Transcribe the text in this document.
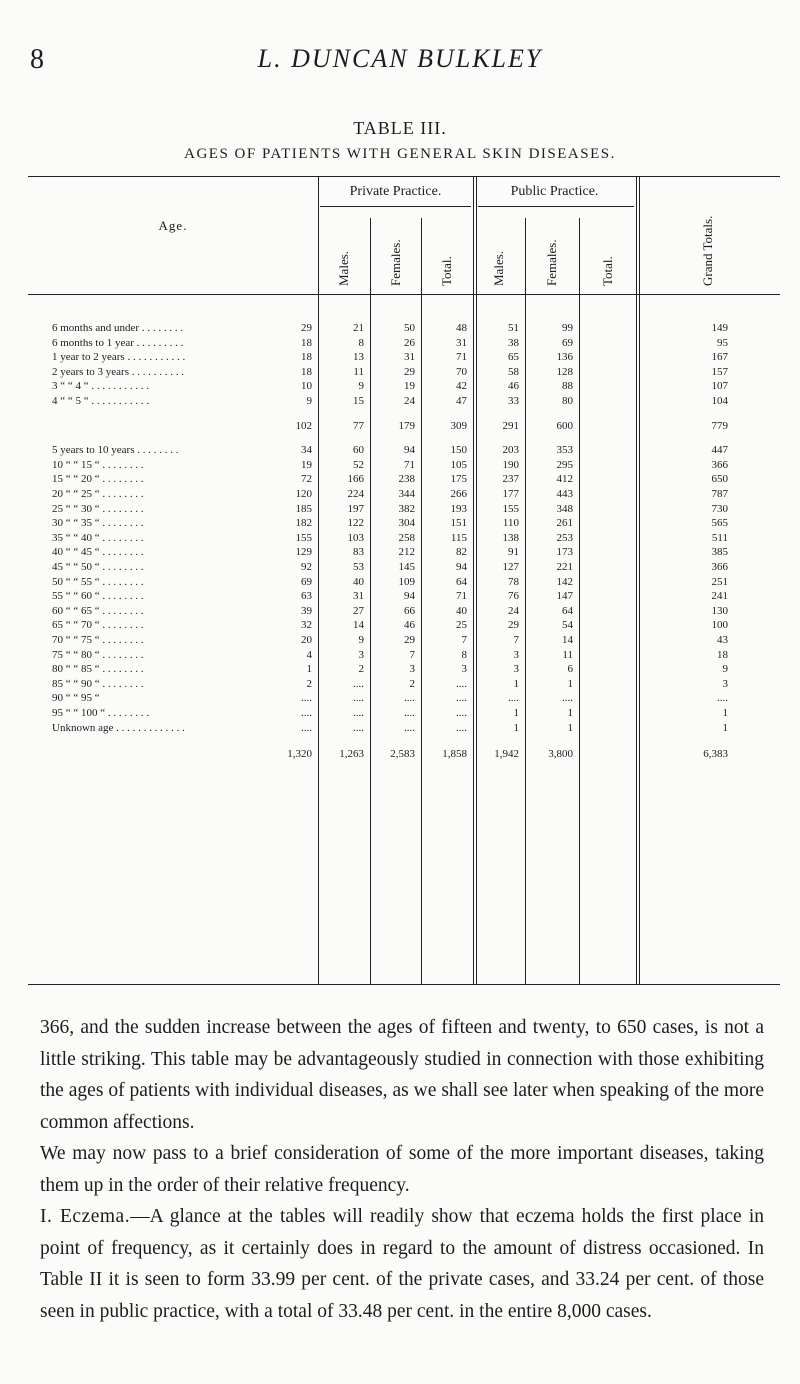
8	L. DUNCAN BULKLEY
TABLE III.
AGES OF PATIENTS WITH GENERAL SKIN DISEASES.
Private Practice.	Public Practice.
Age.
Males.	Females.	Total.	Males.	Females.	Total.	Grand Totals.
6 months and under . . . . . . . .	29	21	50	48	51	99	149
6 months to 1 year . . . . . . . . .	18	8	26	31	38	69	95
1 year to 2 years . . . . . . . . . . .	18	13	31	71	65	136	167
2 years to 3 years . . . . . . . . . .	18	11	29	70	58	128	157
3 “ “ 4 “ . . . . . . . . . . .	10	9	19	42	46	88	107
4 “ “ 5 “ . . . . . . . . . . .	9	15	24	47	33	80	104
102	77	179	309	291	600	779
5 years to 10 years . . . . . . . .	34	60	94	150	203	353	447
10 “ “ 15 “ . . . . . . . .	19	52	71	105	190	295	366
15 “ “ 20 “ . . . . . . . .	72	166	238	175	237	412	650
20 “ “ 25 “ . . . . . . . .	120	224	344	266	177	443	787
25 “ “ 30 “ . . . . . . . .	185	197	382	193	155	348	730
30 “ “ 35 “ . . . . . . . .	182	122	304	151	110	261	565
35 “ “ 40 “ . . . . . . . .	155	103	258	115	138	253	511
40 “ “ 45 “ . . . . . . . .	129	83	212	82	91	173	385
45 “ “ 50 “ . . . . . . . .	92	53	145	94	127	221	366
50 “ “ 55 “ . . . . . . . .	69	40	109	64	78	142	251
55 “ “ 60 “ . . . . . . . .	63	31	94	71	76	147	241
60 “ “ 65 “ . . . . . . . .	39	27	66	40	24	64	130
65 “ “ 70 “ . . . . . . . .	32	14	46	25	29	54	100
70 “ “ 75 “ . . . . . . . .	20	9	29	7	7	14	43
75 “ “ 80 “ . . . . . . . .	4	3	7	8	3	11	18
80 “ “ 85 “ . . . . . . . .	1	2	3	3	3	6	9
85 “ “ 90 “ . . . . . . . .	2	....	2	....	1	1	3
90 “ “ 95 “	....	....	....	....	....	....	....
95 “ “ 100 “ . . . . . . . .	....	....	....	....	1	1	1
Unknown age . . . . . . . . . . . . .	....	....	....	....	1	1	1
1,320 1,263 2,583 1,858 1,942	3,800	6,383

366, and the sudden increase between the ages of fifteen and twenty, to 650 cases, is not a little striking. This table may be advantageously studied in connection with those exhibiting the ages of patients with individual diseases, as we shall see later when speaking of the more common affections.

We may now pass to a brief consideration of some of the more important diseases, taking them up in the order of their relative frequency.

I. Eczema.—A glance at the tables will readily show that eczema holds the first place in point of frequency, as it certainly does in regard to the amount of distress occasioned. In Table II it is seen to form 33.99 per cent. of the private cases, and 33.24 per cent. of those seen in public practice, with a total of 33.48 per cent. in the entire 8,000 cases.
